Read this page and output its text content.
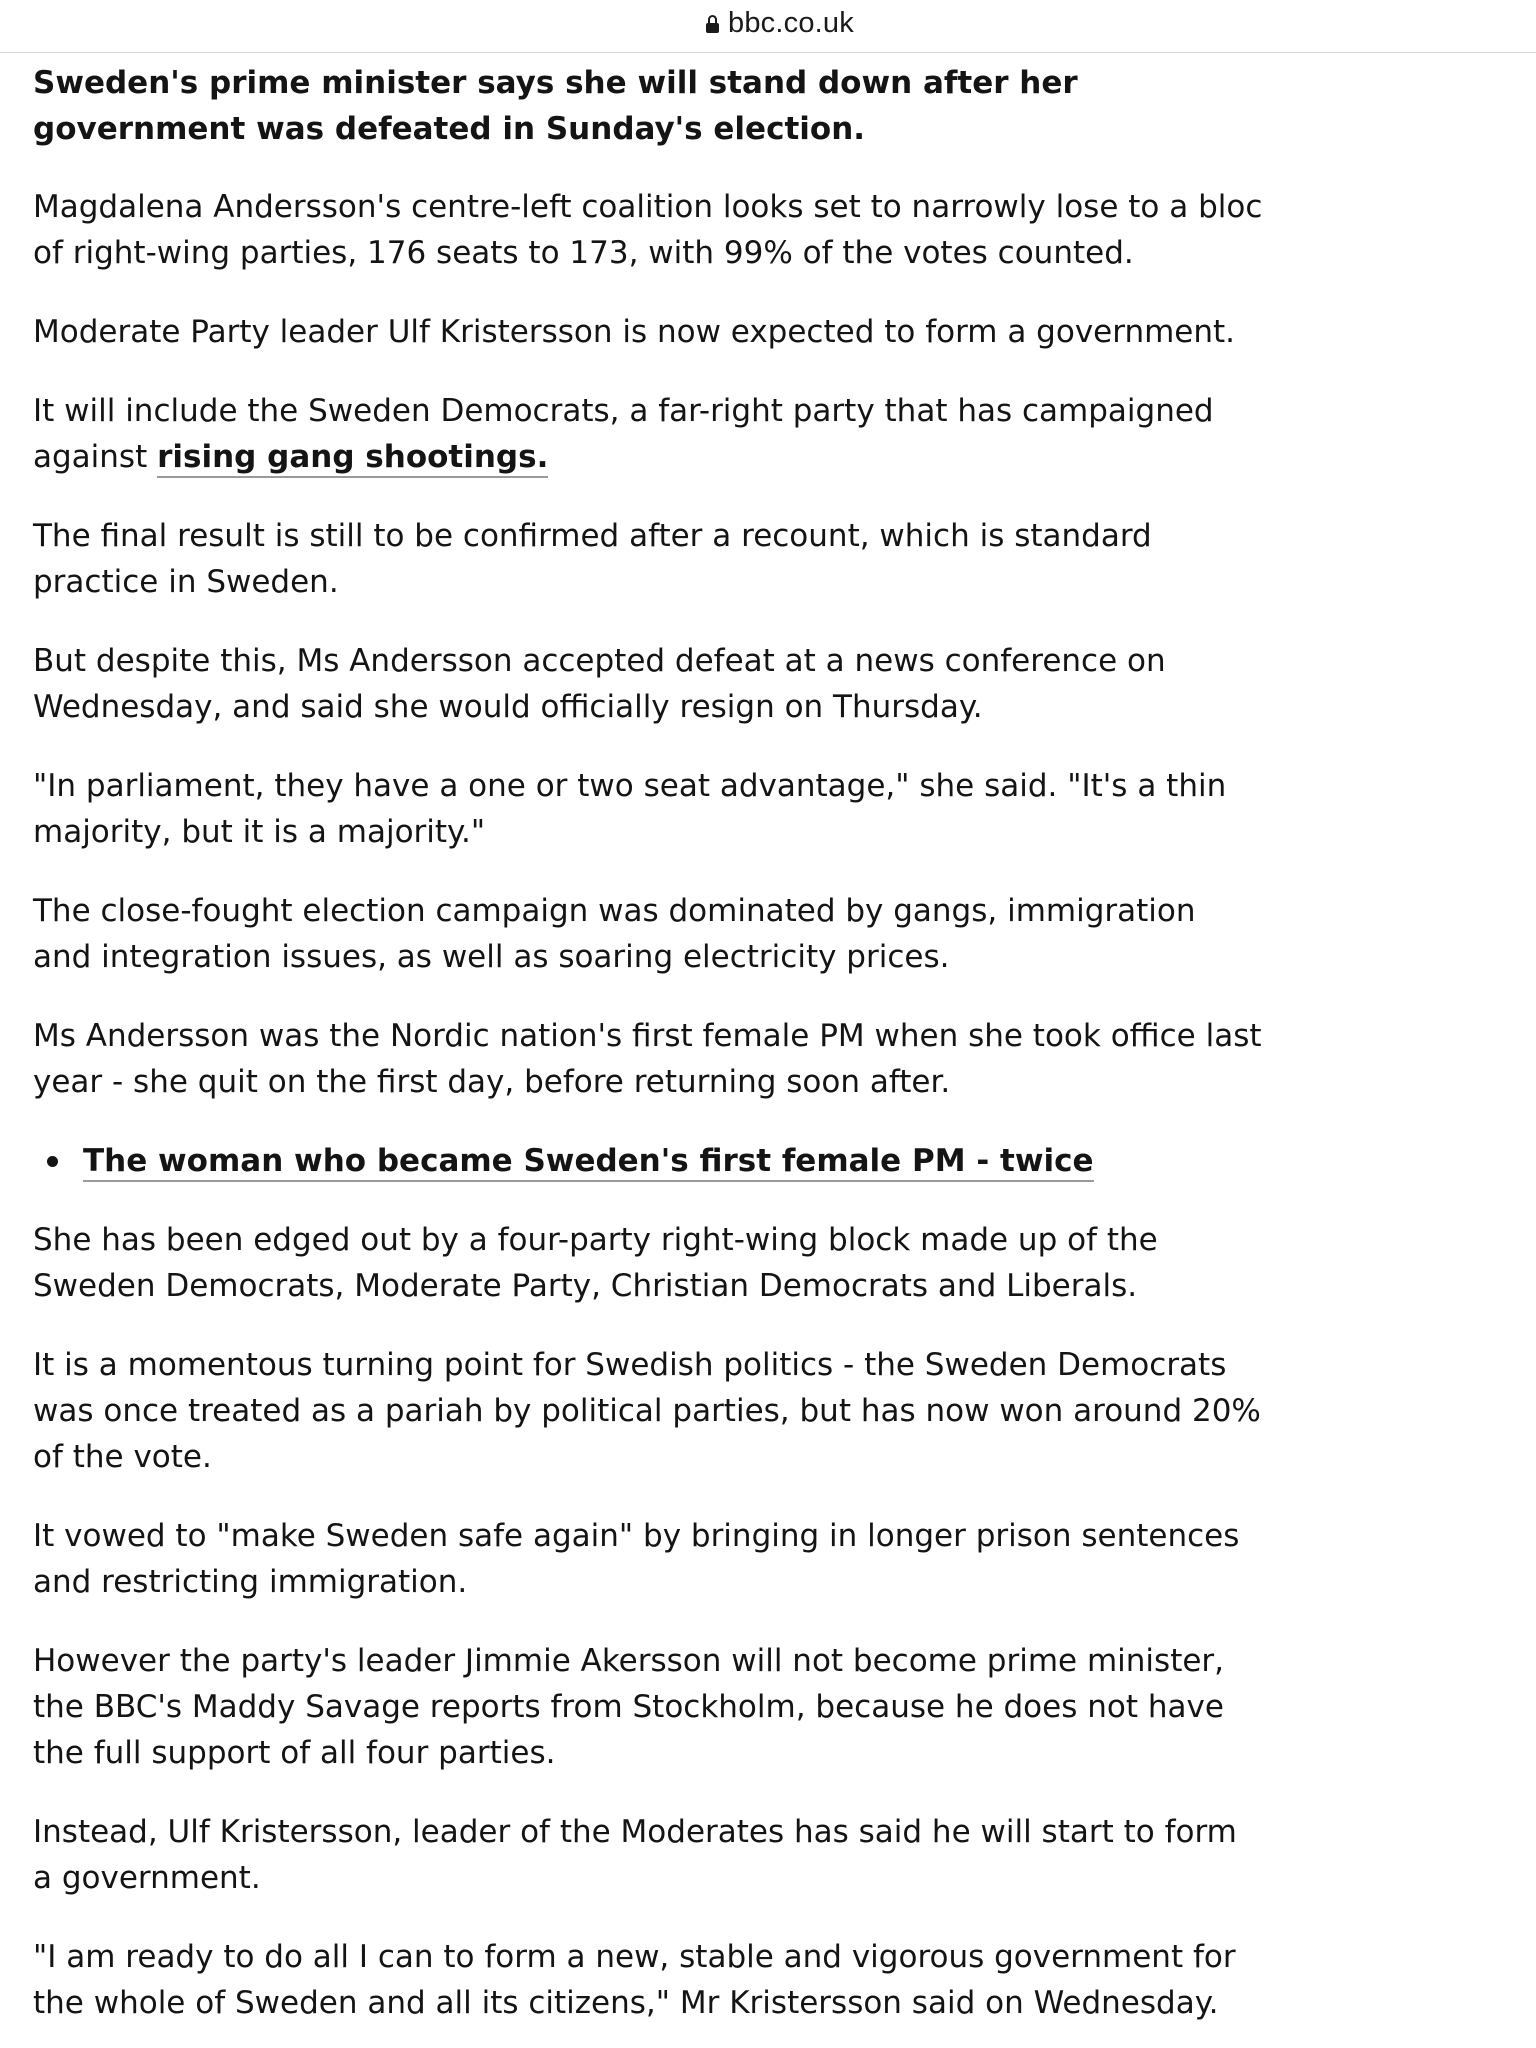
bbc.co.uk

Sweden's prime minister says she will stand down after her government was defeated in Sunday's election.

Magdalena Andersson's centre-left coalition looks set to narrowly lose to a bloc of right-wing parties, 176 seats to 173, with 99% of the votes counted.

Moderate Party leader Ulf Kristersson is now expected to form a government.

It will include the Sweden Democrats, a far-right party that has campaigned against rising gang shootings.

The final result is still to be confirmed after a recount, which is standard practice in Sweden.

But despite this, Ms Andersson accepted defeat at a news conference on Wednesday, and said she would officially resign on Thursday.

"In parliament, they have a one or two seat advantage," she said. "It's a thin majority, but it is a majority."

The close-fought election campaign was dominated by gangs, immigration and integration issues, as well as soaring electricity prices.

Ms Andersson was the Nordic nation's first female PM when she took office last year - she quit on the first day, before returning soon after.

The woman who became Sweden's first female PM - twice

She has been edged out by a four-party right-wing block made up of the Sweden Democrats, Moderate Party, Christian Democrats and Liberals.

It is a momentous turning point for Swedish politics - the Sweden Democrats was once treated as a pariah by political parties, but has now won around 20% of the vote.

It vowed to "make Sweden safe again" by bringing in longer prison sentences and restricting immigration.

However the party's leader Jimmie Akersson will not become prime minister, the BBC's Maddy Savage reports from Stockholm, because he does not have the full support of all four parties.

Instead, Ulf Kristersson, leader of the Moderates has said he will start to form a government.

"I am ready to do all I can to form a new, stable and vigorous government for the whole of Sweden and all its citizens," Mr Kristersson said on Wednesday.
